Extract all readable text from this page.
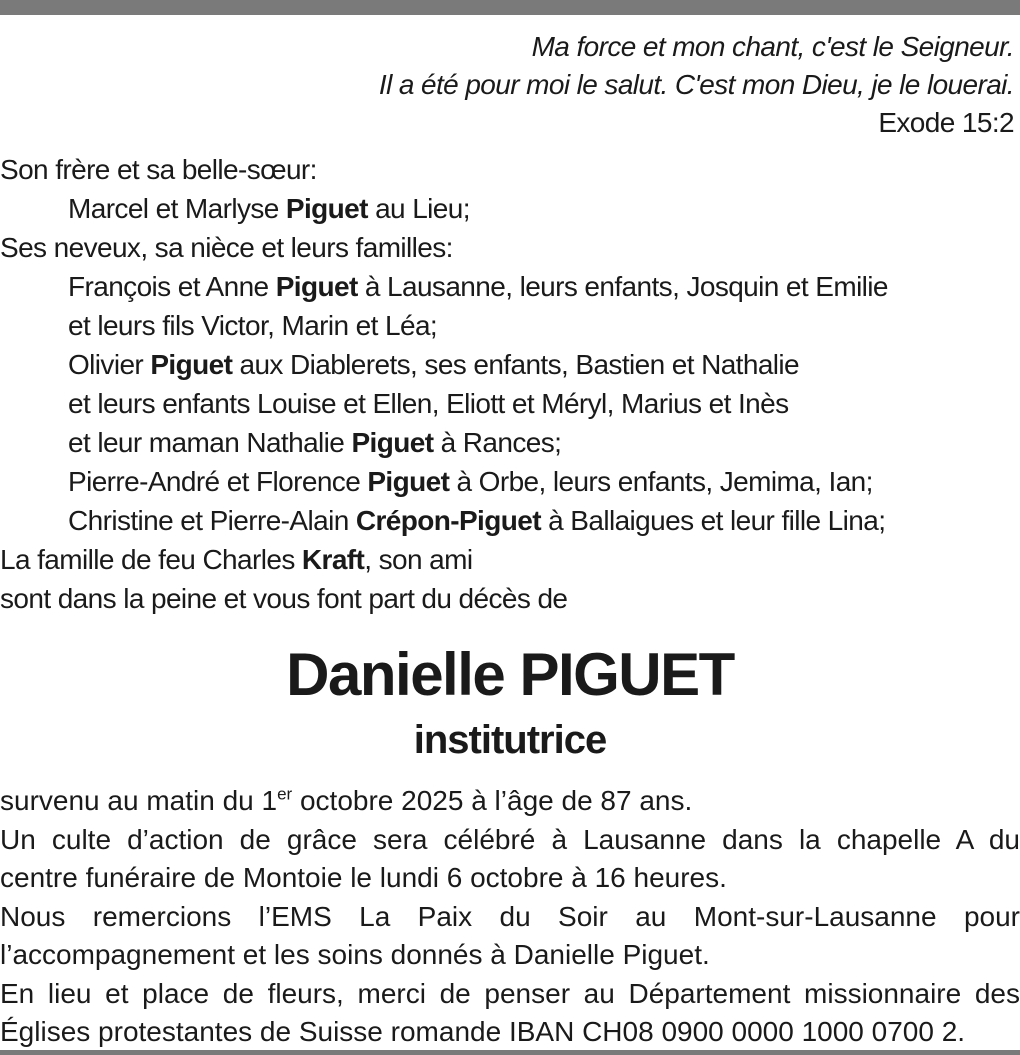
Ma force et mon chant, c'est le Seigneur.
Il a été pour moi le salut. C'est mon Dieu, je le louerai.
Exode 15:2
Son frère et sa belle-sœur:
Marcel et Marlyse Piguet au Lieu;
Ses neveux, sa nièce et leurs familles:
François et Anne Piguet à Lausanne, leurs enfants, Josquin et Emilie
et leurs fils Victor, Marin et Léa;
Olivier Piguet aux Diablerets, ses enfants, Bastien et Nathalie
et leurs enfants Louise et Ellen, Eliott et Méryl, Marius et Inès
et leur maman Nathalie Piguet à Rances;
Pierre-André et Florence Piguet à Orbe, leurs enfants, Jemima, Ian;
Christine et Pierre-Alain Crépon-Piguet à Ballaigues et leur fille Lina;
La famille de feu Charles Kraft, son ami
sont dans la peine et vous font part du décès de
Danielle PIGUET
institutrice
survenu au matin du 1er octobre 2025 à l’âge de 87 ans.
Un culte d’action de grâce sera célébré à Lausanne dans la chapelle A du
centre funéraire de Montoie le lundi 6 octobre à 16 heures.
Nous remercions l’EMS La Paix du Soir au Mont-sur-Lausanne pour
l’accompagnement et les soins donnés à Danielle Piguet.
En lieu et place de fleurs, merci de penser au Département missionnaire des
Églises protestantes de Suisse romande IBAN CH08 0900 0000 1000 0700 2.
